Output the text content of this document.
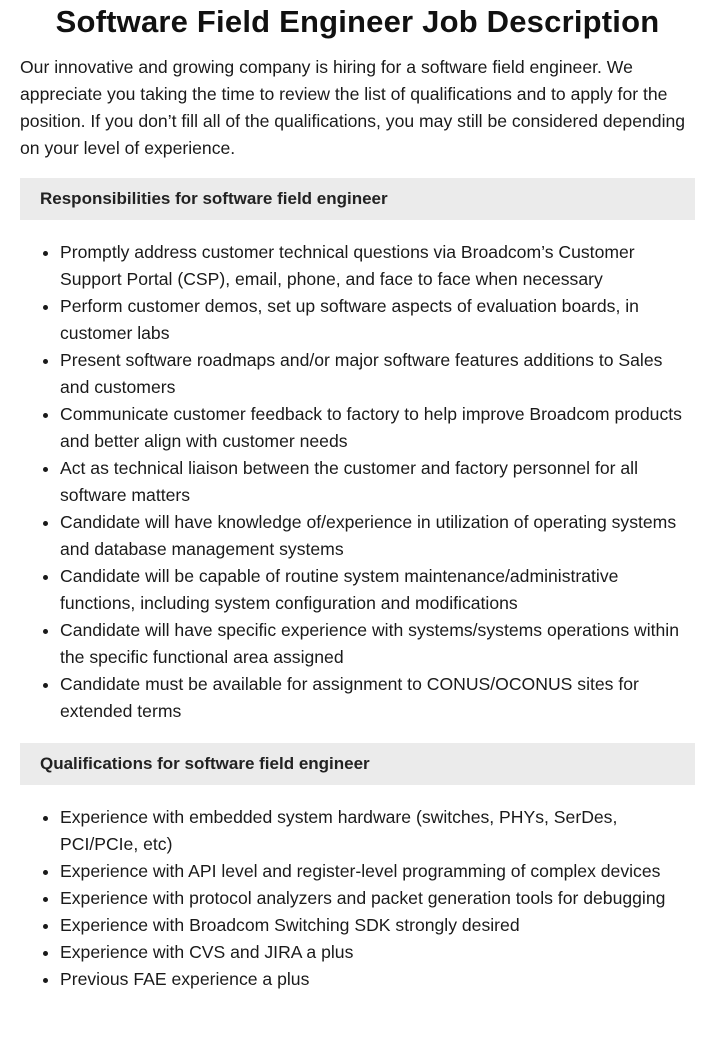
Software Field Engineer Job Description

Our innovative and growing company is hiring for a software field engineer. We appreciate you taking the time to review the list of qualifications and to apply for the position. If you don’t fill all of the qualifications, you may still be considered depending on your level of experience.

Responsibilities for software field engineer
• Promptly address customer technical questions via Broadcom’s Customer Support Portal (CSP), email, phone, and face to face when necessary
• Perform customer demos, set up software aspects of evaluation boards, in customer labs
• Present software roadmaps and/or major software features additions to Sales and customers
• Communicate customer feedback to factory to help improve Broadcom products and better align with customer needs
• Act as technical liaison between the customer and factory personnel for all software matters
• Candidate will have knowledge of/experience in utilization of operating systems and database management systems
• Candidate will be capable of routine system maintenance/administrative functions, including system configuration and modifications
• Candidate will have specific experience with systems/systems operations within the specific functional area assigned
• Candidate must be available for assignment to CONUS/OCONUS sites for extended terms
Qualifications for software field engineer
• Experience with embedded system hardware (switches, PHYs, SerDes, PCI/PCIe, etc)
• Experience with API level and register-level programming of complex devices
• Experience with protocol analyzers and packet generation tools for debugging
• Experience with Broadcom Switching SDK strongly desired
• Experience with CVS and JIRA a plus
• Previous FAE experience a plus
